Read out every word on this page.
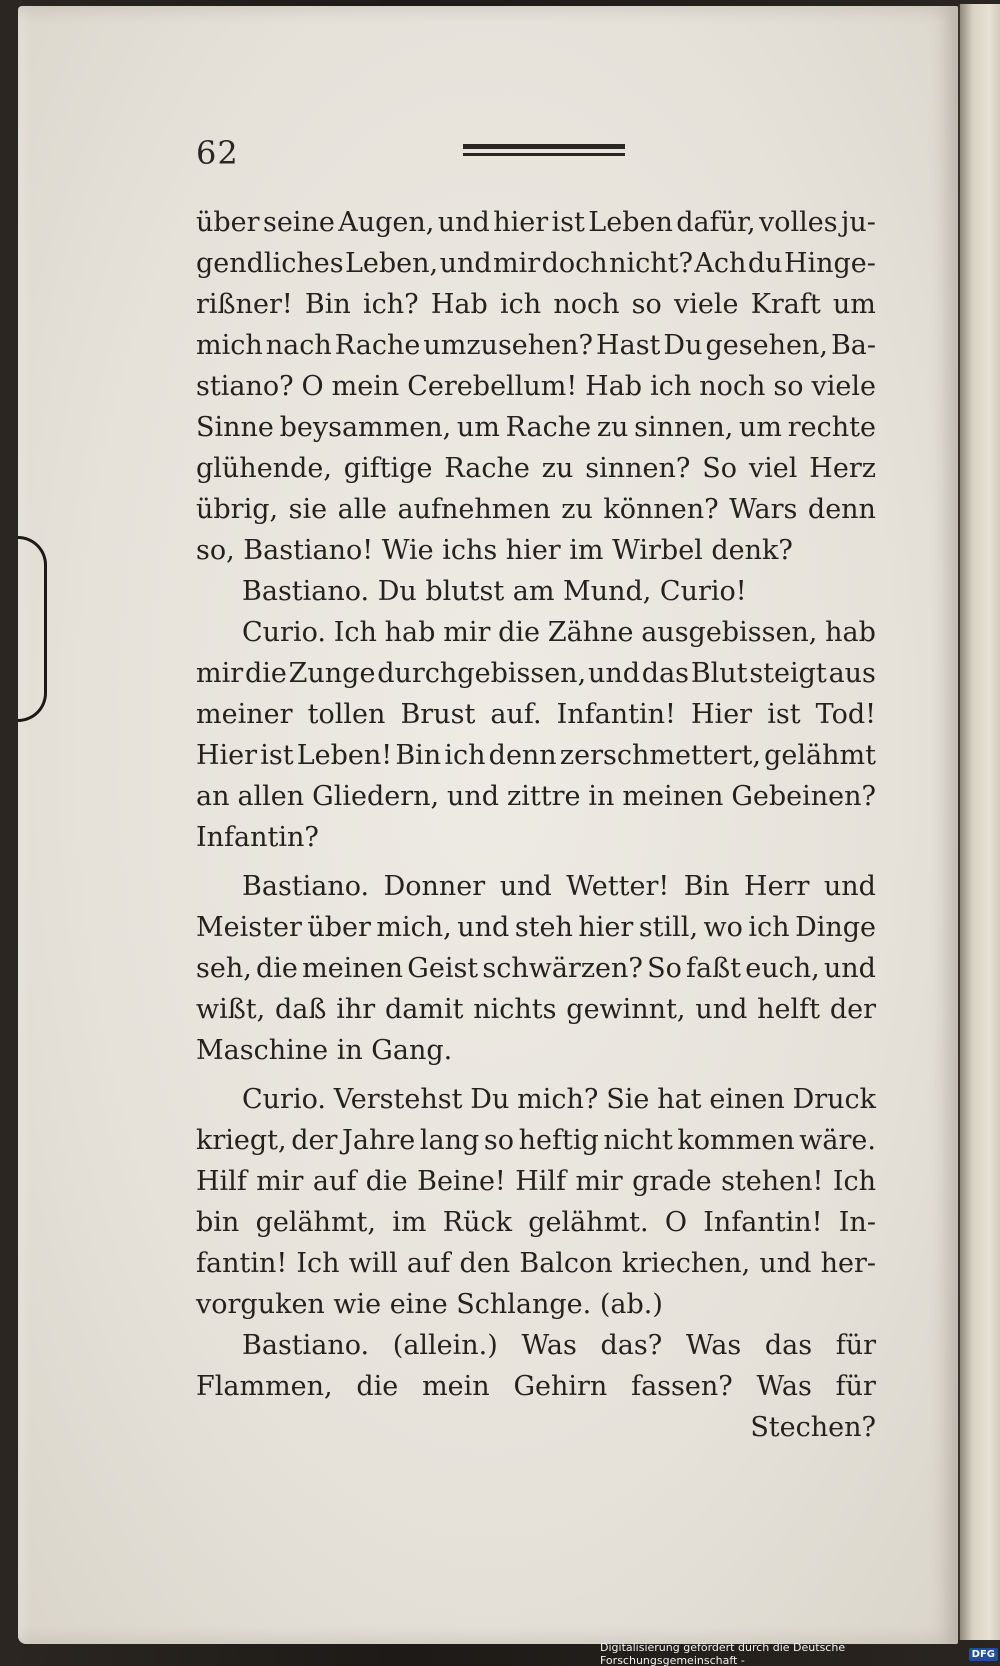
62
über seine Augen, und hier ist Leben dafür, volles ju-
gendliches Leben, und mir doch nicht? Ach du Hinge-
rißner! Bin ich? Hab ich noch so viele Kraft um
mich nach Rache umzusehen? Hast Du gesehen, Ba-
stiano? O mein Cerebellum! Hab ich noch so viele
Sinne beysammen, um Rache zu sinnen, um rechte
glühende, giftige Rache zu sinnen? So viel Herz
übrig, sie alle aufnehmen zu können? Wars denn
so, Bastiano! Wie ichs hier im Wirbel denk?
Bastiano. Du blutst am Mund, Curio!
Curio. Ich hab mir die Zähne ausgebissen, hab
mir die Zunge durchgebissen, und das Blut steigt aus
meiner tollen Brust auf. Infantin! Hier ist Tod!
Hier ist Leben! Bin ich denn zerschmettert, gelähmt
an allen Gliedern, und zittre in meinen Gebeinen?
Infantin?
Bastiano. Donner und Wetter! Bin Herr und
Meister über mich, und steh hier still, wo ich Dinge
seh, die meinen Geist schwärzen? So faßt euch, und
wißt, daß ihr damit nichts gewinnt, und helft der
Maschine in Gang.
Curio. Verstehst Du mich? Sie hat einen Druck
kriegt, der Jahre lang so heftig nicht kommen wäre.
Hilf mir auf die Beine! Hilf mir grade stehen! Ich
bin gelähmt, im Rück gelähmt. O Infantin! In-
fantin! Ich will auf den Balcon kriechen, und her-
vorguken wie eine Schlange. (ab.)
Bastiano. (allein.) Was das? Was das für
Flammen, die mein Gehirn fassen? Was für
Stechen?
Digitalisierung gefördert durch die Deutsche Forschungsgemeinschaft -	DFG
